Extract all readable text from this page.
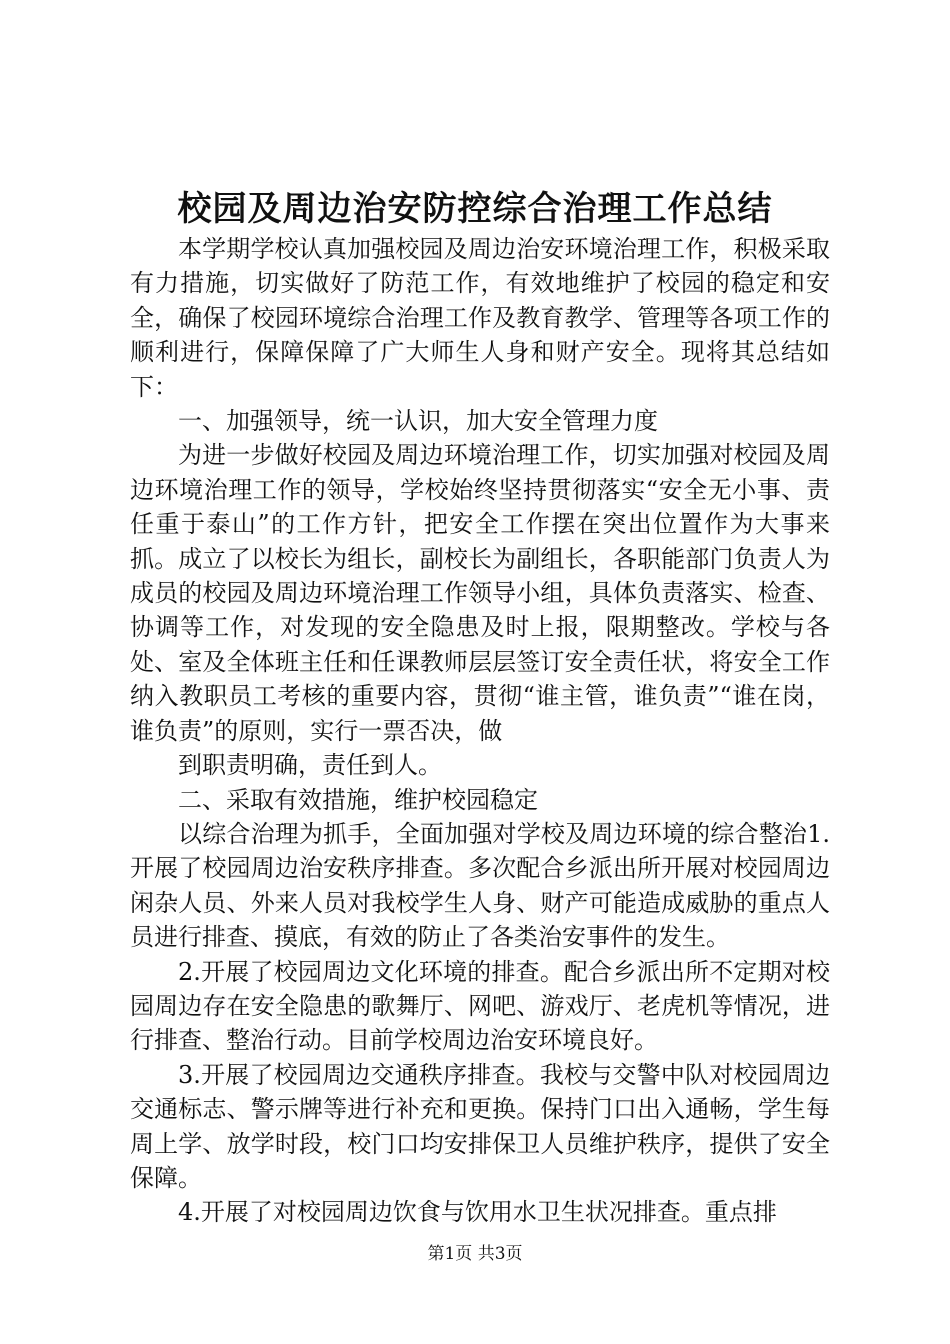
校园及周边治安防控综合治理工作总结

本学期学校认真加强校园及周边治安环境治理工作，积极采取有力措施，切实做好了防范工作，有效地维护了校园的稳定和安全，确保了校园环境综合治理工作及教育教学、管理等各项工作的顺利进行，保障保障了广大师生人身和财产安全。现将其总结如下：

一、加强领导，统一认识，加大安全管理力度

为进一步做好校园及周边环境治理工作，切实加强对校园及周边环境治理工作的领导，学校始终坚持贯彻落实“安全无小事、责任重于泰山”的工作方针，把安全工作摆在突出位置作为大事来抓。成立了以校长为组长，副校长为副组长，各职能部门负责人为成员的校园及周边环境治理工作领导小组，具体负责落实、检查、协调等工作，对发现的安全隐患及时上报，限期整改。学校与各处、室及全体班主任和任课教师层层签订安全责任状，将安全工作纳入教职员工考核的重要内容，贯彻“谁主管，谁负责”“谁在岗，谁负责”的原则，实行一票否决，做

到职责明确，责任到人。

二、采取有效措施，维护校园稳定

以综合治理为抓手，全面加强对学校及周边环境的综合整治1.开展了校园周边治安秩序排查。多次配合乡派出所开展对校园周边闲杂人员、外来人员对我校学生人身、财产可能造成威胁的重点人员进行排查、摸底，有效的防止了各类治安事件的发生。

2.开展了校园周边文化环境的排查。配合乡派出所不定期对校园周边存在安全隐患的歌舞厅、网吧、游戏厅、老虎机等情况，进行排查、整治行动。目前学校周边治安环境良好。

3.开展了校园周边交通秩序排查。我校与交警中队对校园周边交通标志、警示牌等进行补充和更换。保持门口出入通畅，学生每周上学、放学时段，校门口均安排保卫人员维护秩序，提供了安全保障。

4.开展了对校园周边饮食与饮用水卫生状况排查。重点排

第1页 共3页
